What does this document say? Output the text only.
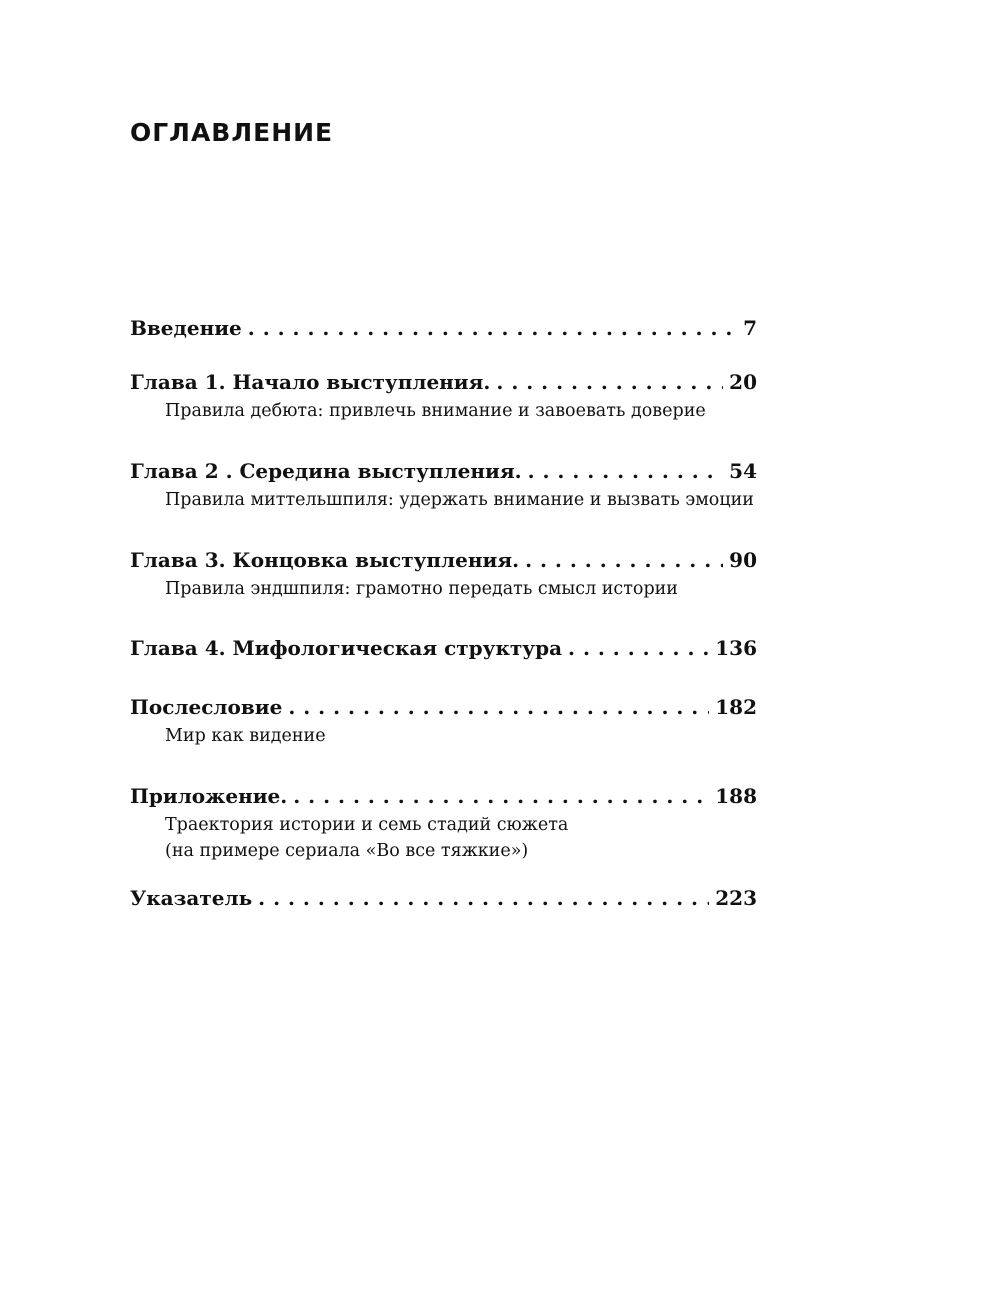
ОГЛАВЛЕНИЕ
Введение . . .	7
Глава 1. Начало выступления. . . .	20
Правила дебюта: привлечь внимание и завоевать доверие
Глава 2 . Середина выступления. . . .	54
Правила миттельшпиля: удержать внимание и вызвать эмоции
Глава 3. Концовка выступления. . . .	90
Правила эндшпиля: грамотно передать смысл истории
Глава 4. Мифологическая структура . . .	136
Послесловие . . .	182
Мир как видение
Приложение. . . .	188
Траектория истории и семь стадий сюжета
(на примере сериала «Во все тяжкие»)
Указатель . . .	223
